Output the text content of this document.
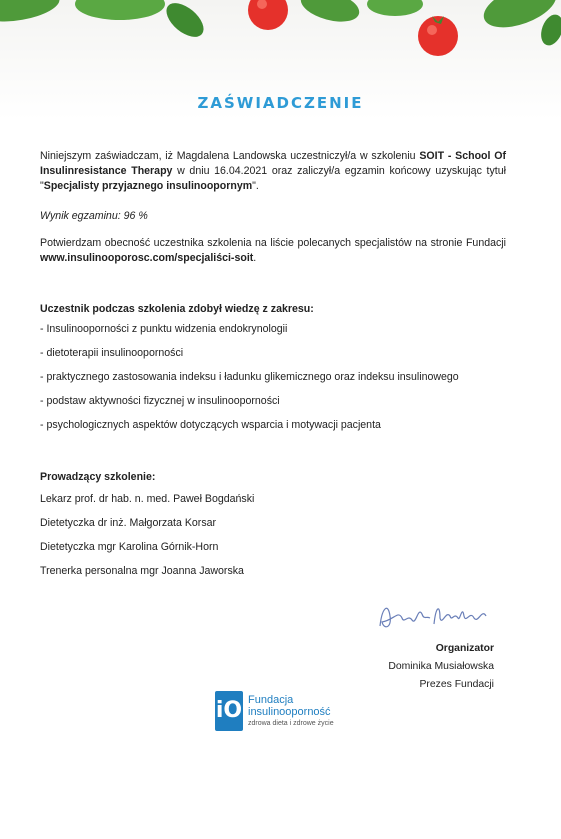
ZAŚWIADCZENIE
Niniejszym zaświadczam, iż Magdalena Landowska uczestniczył/a w szkoleniu SOIT - School Of Insulinresistance Therapy w dniu 16.04.2021 oraz zaliczył/a egzamin końcowy uzyskując tytuł "Specjalisty przyjaznego insulinoopornym".
Wynik egzaminu: 96 %
Potwierdzam obecność uczestnika szkolenia na liście polecanych specjalistów na stronie Fundacji www.insulinooporosc.com/specjaliści-soit.
Uczestnik podczas szkolenia zdobył wiedzę z zakresu:
- Insulinooporności z punktu widzenia endokrynologii
- dietoterapii insulinooporności
- praktycznego zastosowania indeksu i ładunku glikemicznego oraz indeksu insulinowego
- podstaw aktywności fizycznej w insulinooporności
- psychologicznych aspektów dotyczących wsparcia i motywacji pacjenta
Prowadzący szkolenie:
Lekarz prof. dr hab. n. med. Paweł Bogdański
Dietetyczka dr inż. Małgorzata Korsar
Dietetyczka mgr Karolina Górnik-Horn
Trenerka personalna mgr Joanna Jaworska
Organizator
Dominika Musiałowska
Prezes Fundacji
iO Fundacja
insulinooporność
zdrowa dieta i zdrowe życie
